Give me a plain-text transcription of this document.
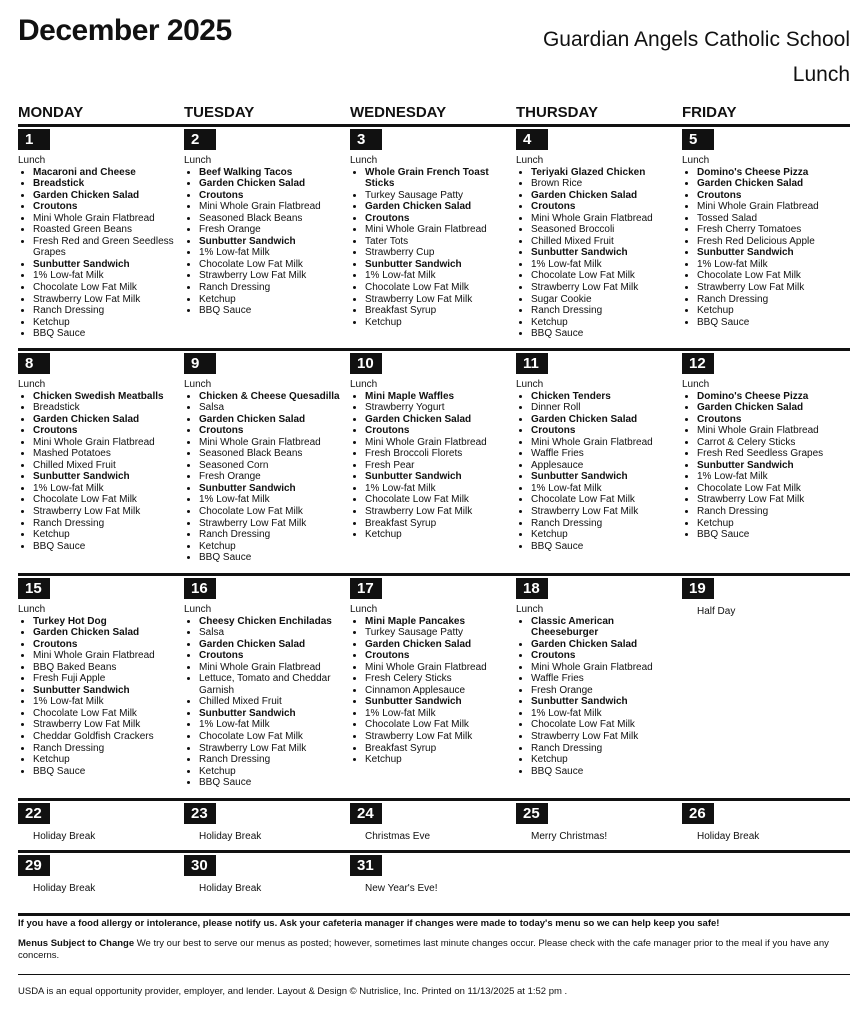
December 2025	Guardian Angels Catholic School
Lunch
MONDAY	TUESDAY	WEDNESDAY	THURSDAY	FRIDAY
1
Lunch
• Macaroni and Cheese
• Breadstick
• Garden Chicken Salad
• Croutons
• Mini Whole Grain Flatbread
• Roasted Green Beans
• Fresh Red and Green Seedless Grapes
• Sunbutter Sandwich
• 1% Low-fat Milk
• Chocolate Low Fat Milk
• Strawberry Low Fat Milk
• Ranch Dressing
• Ketchup
• BBQ Sauce
2
Lunch
• Beef Walking Tacos
• Garden Chicken Salad
• Croutons
• Mini Whole Grain Flatbread
• Seasoned Black Beans
• Fresh Orange
• Sunbutter Sandwich
• 1% Low-fat Milk
• Chocolate Low Fat Milk
• Strawberry Low Fat Milk
• Ranch Dressing
• Ketchup
• BBQ Sauce
3
Lunch
• Whole Grain French Toast Sticks
• Turkey Sausage Patty
• Garden Chicken Salad
• Croutons
• Mini Whole Grain Flatbread
• Tater Tots
• Strawberry Cup
• Sunbutter Sandwich
• 1% Low-fat Milk
• Chocolate Low Fat Milk
• Strawberry Low Fat Milk
• Breakfast Syrup
• Ketchup
4
Lunch
• Teriyaki Glazed Chicken
• Brown Rice
• Garden Chicken Salad
• Croutons
• Mini Whole Grain Flatbread
• Seasoned Broccoli
• Chilled Mixed Fruit
• Sunbutter Sandwich
• 1% Low-fat Milk
• Chocolate Low Fat Milk
• Strawberry Low Fat Milk
• Sugar Cookie
• Ranch Dressing
• Ketchup
• BBQ Sauce
5
Lunch
• Domino's Cheese Pizza
• Garden Chicken Salad
• Croutons
• Mini Whole Grain Flatbread
• Tossed Salad
• Fresh Cherry Tomatoes
• Fresh Red Delicious Apple
• Sunbutter Sandwich
• 1% Low-fat Milk
• Chocolate Low Fat Milk
• Strawberry Low Fat Milk
• Ranch Dressing
• Ketchup
• BBQ Sauce
8
Lunch
• Chicken Swedish Meatballs
• Breadstick
• Garden Chicken Salad
• Croutons
• Mini Whole Grain Flatbread
• Mashed Potatoes
• Chilled Mixed Fruit
• Sunbutter Sandwich
• 1% Low-fat Milk
• Chocolate Low Fat Milk
• Strawberry Low Fat Milk
• Ranch Dressing
• Ketchup
• BBQ Sauce
9
Lunch
• Chicken & Cheese Quesadilla
• Salsa
• Garden Chicken Salad
• Croutons
• Mini Whole Grain Flatbread
• Seasoned Black Beans
• Seasoned Corn
• Fresh Orange
• Sunbutter Sandwich
• 1% Low-fat Milk
• Chocolate Low Fat Milk
• Strawberry Low Fat Milk
• Ranch Dressing
• Ketchup
• BBQ Sauce
10
Lunch
• Mini Maple Waffles
• Strawberry Yogurt
• Garden Chicken Salad
• Croutons
• Mini Whole Grain Flatbread
• Fresh Broccoli Florets
• Fresh Pear
• Sunbutter Sandwich
• 1% Low-fat Milk
• Chocolate Low Fat Milk
• Strawberry Low Fat Milk
• Breakfast Syrup
• Ketchup
11
Lunch
• Chicken Tenders
• Dinner Roll
• Garden Chicken Salad
• Croutons
• Mini Whole Grain Flatbread
• Waffle Fries
• Applesauce
• Sunbutter Sandwich
• 1% Low-fat Milk
• Chocolate Low Fat Milk
• Strawberry Low Fat Milk
• Ranch Dressing
• Ketchup
• BBQ Sauce
12
Lunch
• Domino's Cheese Pizza
• Garden Chicken Salad
• Croutons
• Mini Whole Grain Flatbread
• Carrot & Celery Sticks
• Fresh Red Seedless Grapes
• Sunbutter Sandwich
• 1% Low-fat Milk
• Chocolate Low Fat Milk
• Strawberry Low Fat Milk
• Ranch Dressing
• Ketchup
• BBQ Sauce
15
Lunch
• Turkey Hot Dog
• Garden Chicken Salad
• Croutons
• Mini Whole Grain Flatbread
• BBQ Baked Beans
• Fresh Fuji Apple
• Sunbutter Sandwich
• 1% Low-fat Milk
• Chocolate Low Fat Milk
• Strawberry Low Fat Milk
• Cheddar Goldfish Crackers
• Ranch Dressing
• Ketchup
• BBQ Sauce
16
Lunch
• Cheesy Chicken Enchiladas
• Salsa
• Garden Chicken Salad
• Croutons
• Mini Whole Grain Flatbread
• Lettuce, Tomato and Cheddar Garnish
• Chilled Mixed Fruit
• Sunbutter Sandwich
• 1% Low-fat Milk
• Chocolate Low Fat Milk
• Strawberry Low Fat Milk
• Ranch Dressing
• Ketchup
• BBQ Sauce
17
Lunch
• Mini Maple Pancakes
• Turkey Sausage Patty
• Garden Chicken Salad
• Croutons
• Mini Whole Grain Flatbread
• Fresh Celery Sticks
• Cinnamon Applesauce
• Sunbutter Sandwich
• 1% Low-fat Milk
• Chocolate Low Fat Milk
• Strawberry Low Fat Milk
• Breakfast Syrup
• Ketchup
18
Lunch
• Classic American Cheeseburger
• Garden Chicken Salad
• Croutons
• Mini Whole Grain Flatbread
• Waffle Fries
• Fresh Orange
• Sunbutter Sandwich
• 1% Low-fat Milk
• Chocolate Low Fat Milk
• Strawberry Low Fat Milk
• Ranch Dressing
• Ketchup
• BBQ Sauce
19
Half Day
22
Holiday Break
23
Holiday Break
24
Christmas Eve
25
Merry Christmas!
26
Holiday Break
29
Holiday Break
30
Holiday Break
31
New Year's Eve!
If you have a food allergy or intolerance, please notify us. Ask your cafeteria manager if changes were made to today's menu so we can help keep you safe!
Menus Subject to Change We try our best to serve our menus as posted; however, sometimes last minute changes occur. Please check with the cafe manager prior to the meal if you have any concerns.
USDA is an equal opportunity provider, employer, and lender. Layout & Design © Nutrislice, Inc. Printed on 11/13/2025 at 1:52 pm .
